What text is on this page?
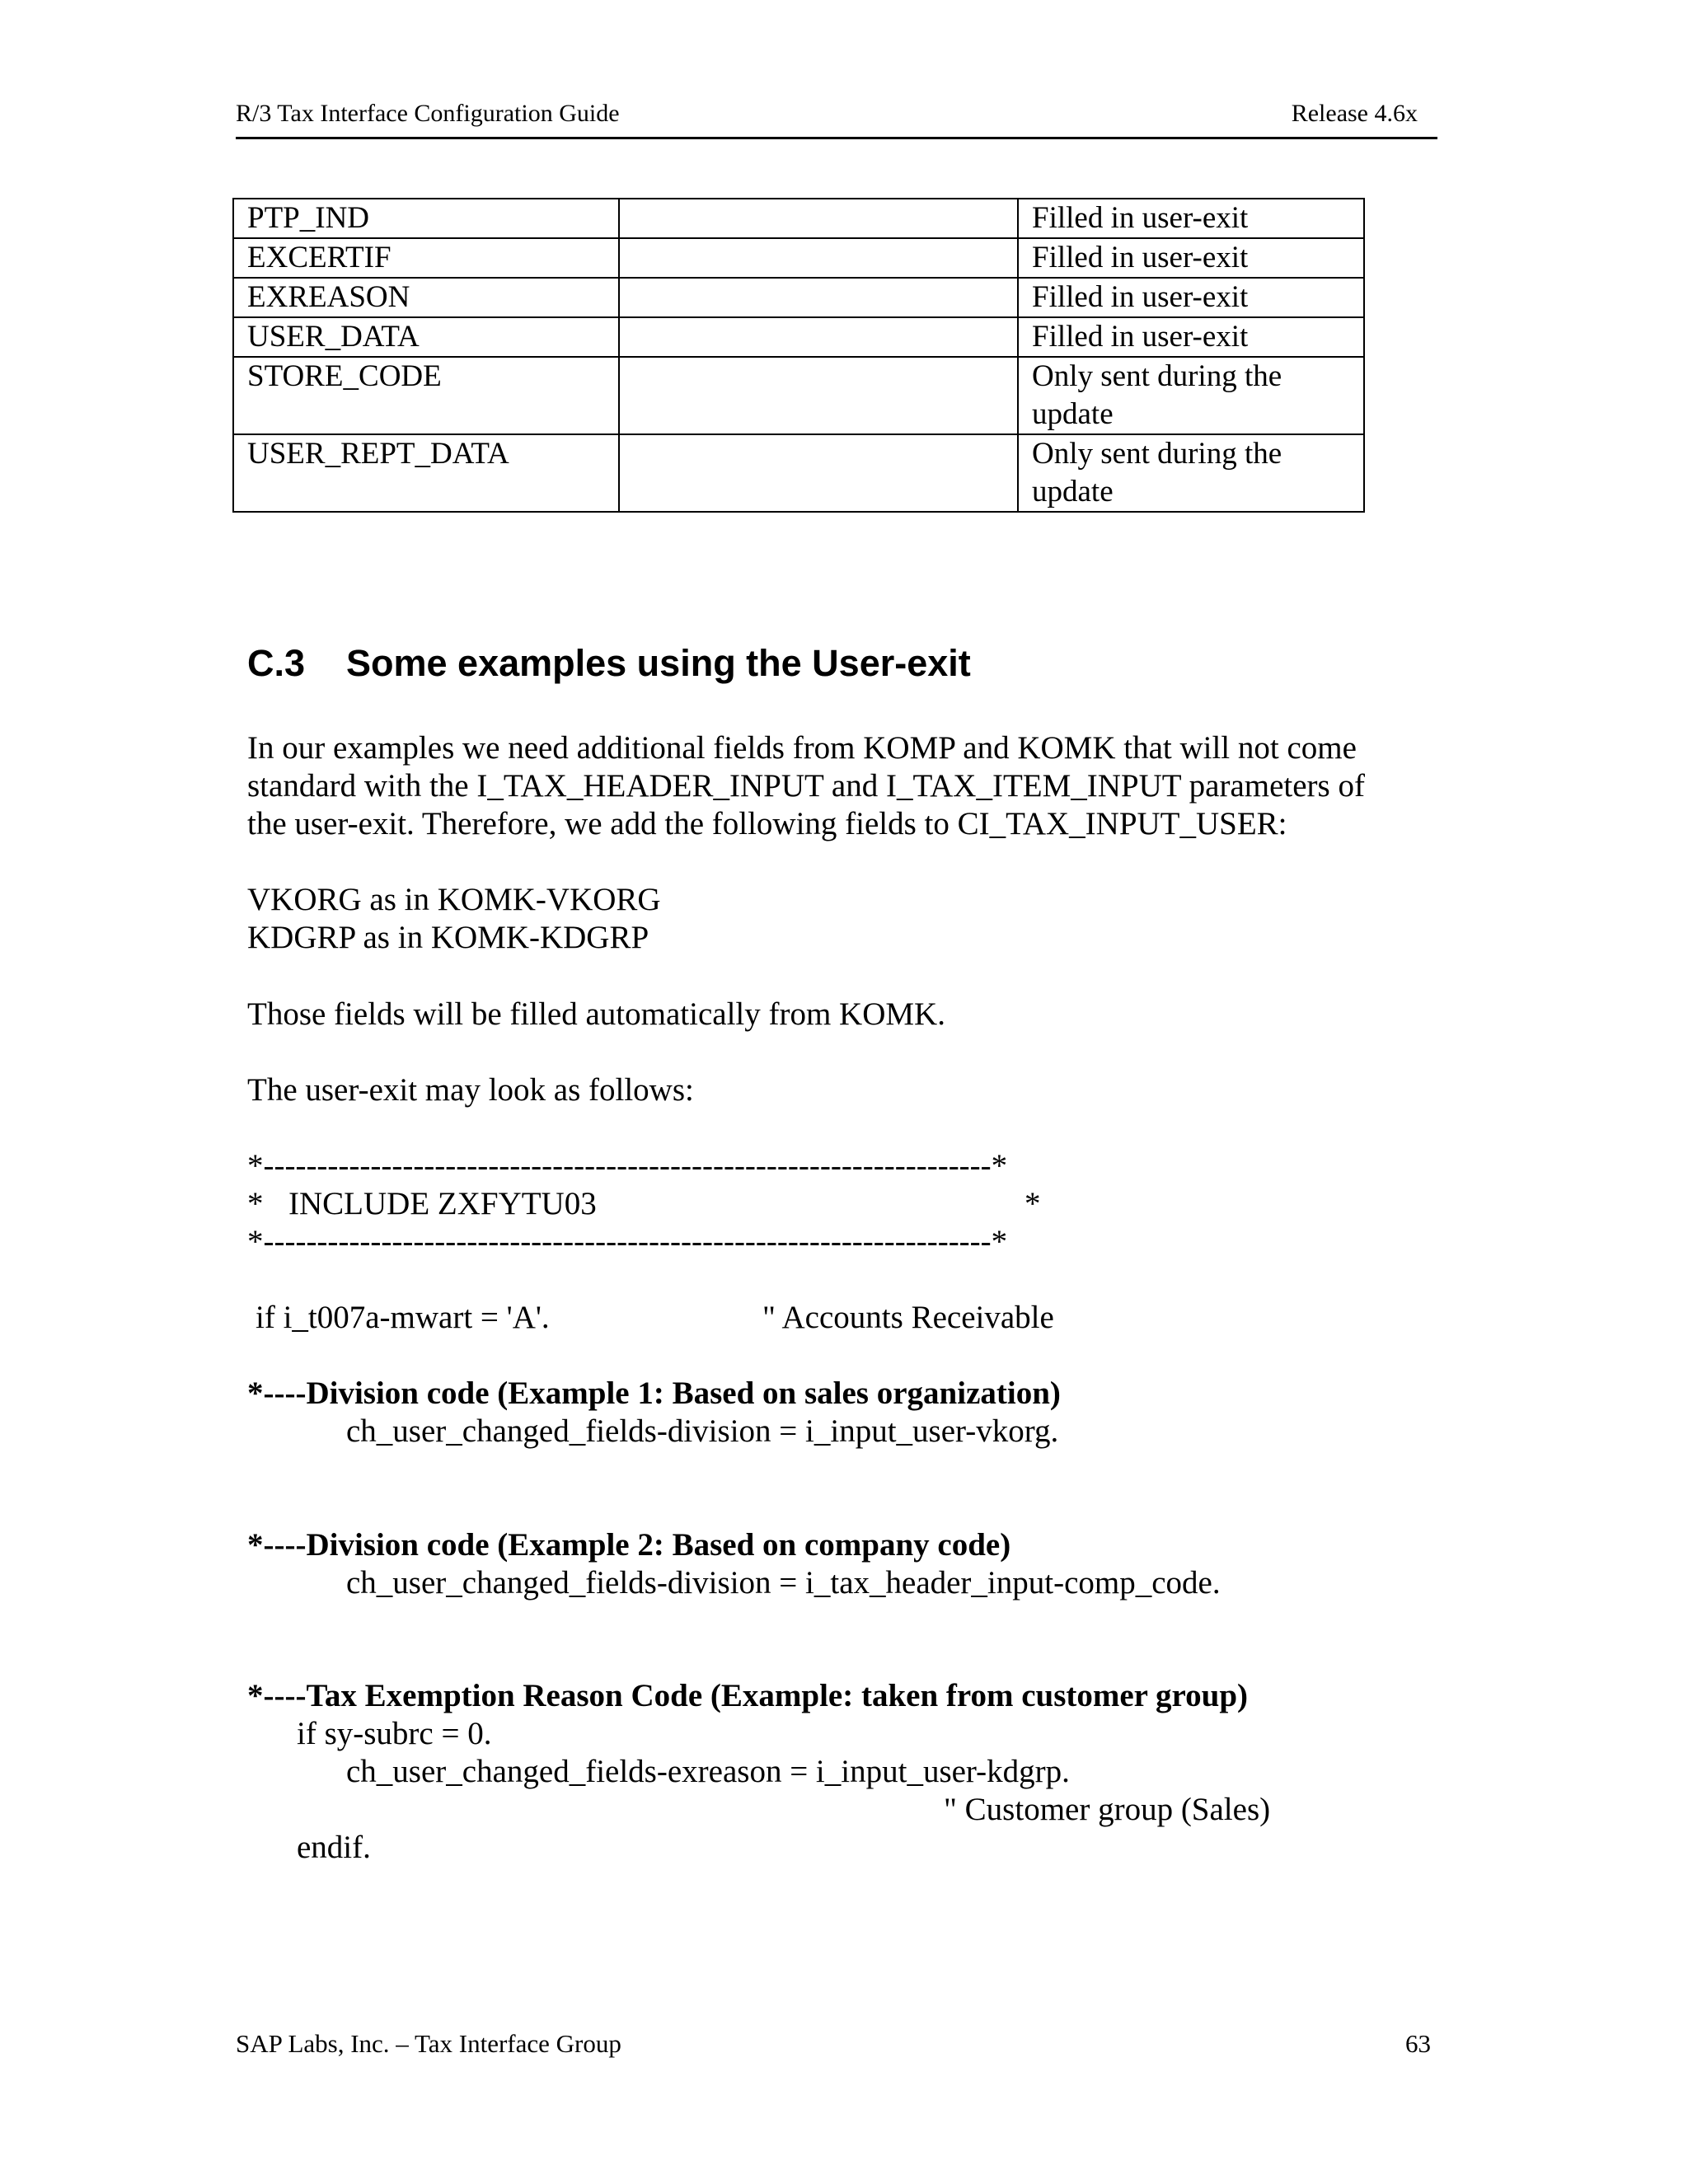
R/3 Tax Interface Configuration Guide	Release 4.6x
PTP_IND		Filled in user-exit
EXCERTIF		Filled in user-exit
EXREASON		Filled in user-exit
USER_DATA		Filled in user-exit
STORE_CODE		Only sent during the update
USER_REPT_DATA		Only sent during the update
C.3 Some examples using the User-exit
In our examples we need additional fields from KOMP and KOMK that will not come
standard with the I_TAX_HEADER_INPUT and I_TAX_ITEM_INPUT parameters of
the user-exit. Therefore, we add the following fields to CI_TAX_INPUT_USER:
VKORG as in KOMK-VKORG
KDGRP as in KOMK-KDGRP
Those fields will be filled automatically from KOMK.
The user-exit may look as follows:
*--------------------------------------------------------------------*
* INCLUDE ZXFYTU03	*
*--------------------------------------------------------------------*
if i_t007a-mwart = 'A'.	" Accounts Receivable
*----Division code (Example 1: Based on sales organization)
ch_user_changed_fields-division = i_input_user-vkorg.
*----Division code (Example 2: Based on company code)
ch_user_changed_fields-division = i_tax_header_input-comp_code.
*----Tax Exemption Reason Code (Example: taken from customer group)
if sy-subrc = 0.
ch_user_changed_fields-exreason = i_input_user-kdgrp.
" Customer group (Sales)
endif.
SAP Labs, Inc. – Tax Interface Group	63
